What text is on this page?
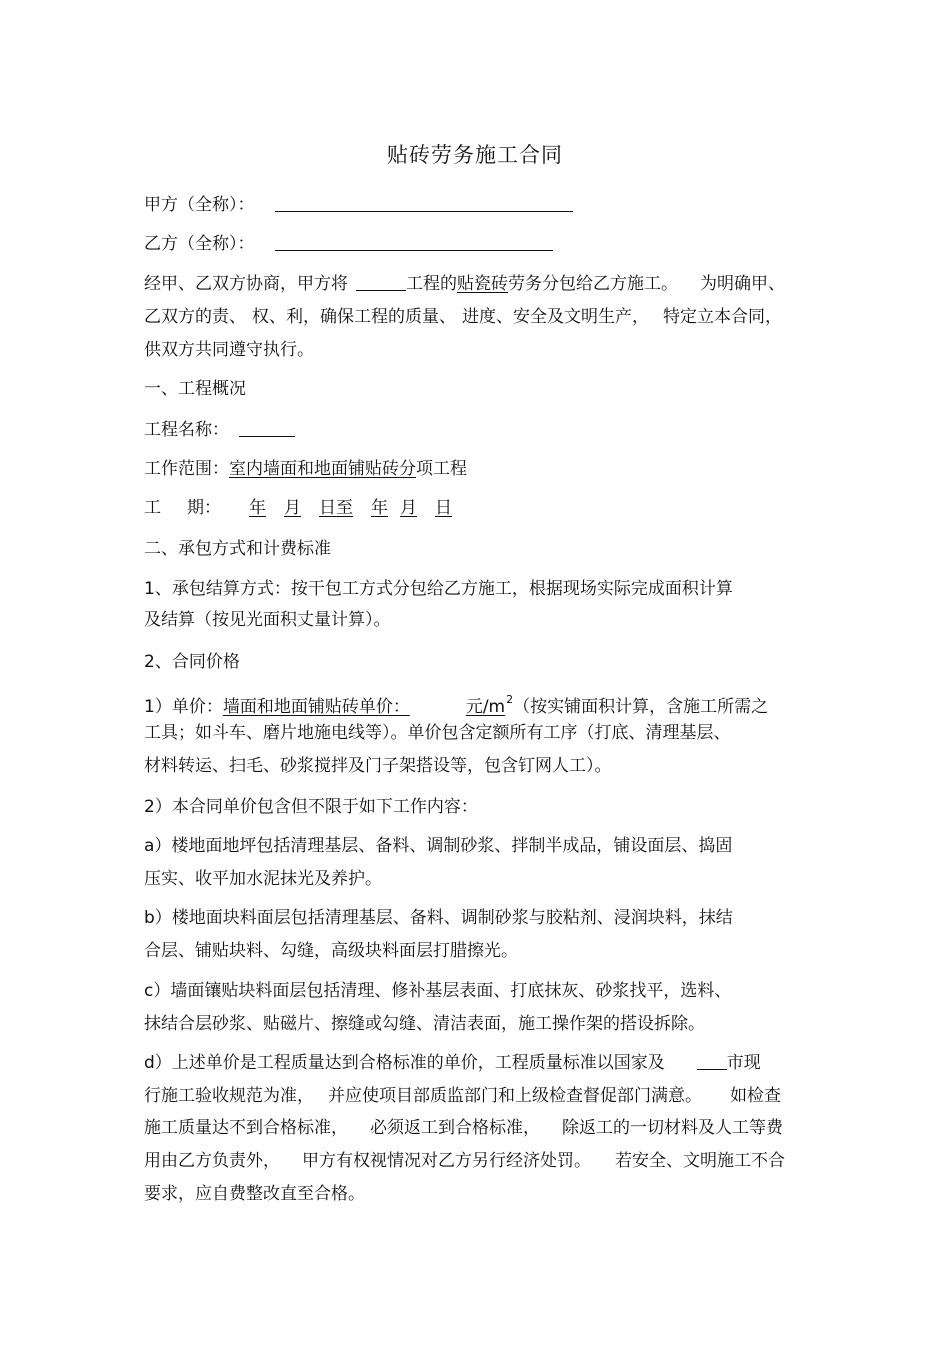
贴砖劳务施工合同
甲方（全称）：
乙方（全称）：
经甲、乙双方协商，甲方将	工程的贴瓷砖劳务分包给乙方施工。 为明确甲、
乙双方的责、 权、利，确保工程的质量、 进度、安全及文明生产， 特定立本合同，
供双方共同遵守执行。
一、工程概况
工程名称：
工作范围：室内墙面和地面铺贴砖分项工程
工 期： 年 月 日至 年 月 日
二、承包方式和计费标准
1、承包结算方式：按干包工方式分包给乙方施工，根据现场实际完成面积计算
及结算（按见光面积丈量计算）。
2、合同价格
1）单价：墙面和地面铺贴砖单价：	元$/m^2$（按实铺面积计算，含施工所需之
工具；如斗车、磨片地施电线等）。单价包含定额所有工序（打底、清理基层、
材料转运、扫毛、砂浆搅拌及门子架搭设等，包含钉网人工）。
2）本合同单价包含但不限于如下工作内容：
a）楼地面地坪包括清理基层、备料、调制砂浆、拌制半成品，铺设面层、捣固
压实、收平加水泥抹光及养护。
b）楼地面块料面层包括清理基层、备料、调制砂浆与胶粘剂、浸润块料，抹结
合层、铺贴块料、勾缝，高级块料面层打腊擦光。
c）墙面镶贴块料面层包括清理、修补基层表面、打底抹灰、砂浆找平，选料、
抹结合层砂浆、贴磁片、擦缝或勾缝、清洁表面，施工操作架的搭设拆除。
d）上述单价是工程质量达到合格标准的单价，工程质量标准以国家及	市现
行施工验收规范为准， 并应使项目部质监部门和上级检查督促部门满意。 如检查
施工质量达不到合格标准， 必须返工到合格标准， 除返工的一切材料及人工等费
用由乙方负责外， 甲方有权视情况对乙方另行经济处罚。 若安全、文明施工不合
要求，应自费整改直至合格。
